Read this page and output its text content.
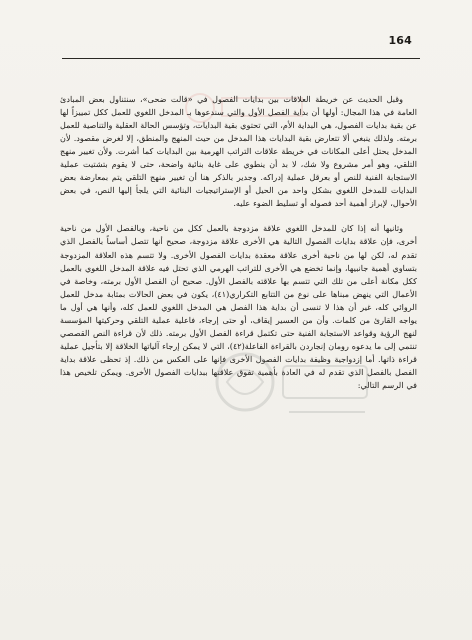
164

وقبل الحديث عن خريطة العلاقات بين بدايات الفصول في «قالت ضحى»، سنتناول بعض المبادئ العامة في هذا المجال: أولها أن بداية الفصل الأول والتي سندعوها بـ المدخل اللغوي للعمل ككل تمييزاً لها عن بقية بدايات الفصول، هي البداية الأم، التي تحتوي بقية البدايات، وتؤسس الحالة العقلية والتناصية للعمل برمته. ولذلك ينبغي ألا تتعارض بقية البدايات هذا المدخل من حيث المنهج والمنطق، إلا لغرض مقصود. لأن المدخل يحتل أعلى المكانات في خريطة علاقات التراتب الهرمية بين البدايات كما أشرت. ولأن تغيير منهج التلقي، وهو أمر مشروع ولا شك، لا بد أن ينطوي على غاية بنائية واضحة، حتى لا يقوم بتشتيت عملية الاستجابة الفنية للنص أو بعرقل عملية إدراكه. وجدير بالذكر هنا أن تغيير منهج التلقي يتم بمعارضة بعض البدايات للمدخل اللغوي بشكل واحد من الحيل أو الإستراتيجيات البنائية التي يلجأ إليها النص، في بعض الأحوال، لإبراز أهمية أحد فصوله أو تسليط الضوء عليه.

وثانيها أنه إذا كان للمدخل اللغوي علاقة مزدوجة بالعمل ككل من ناحية، وبالفصل الأول من ناحية أخرى، فإن علاقة بدايات الفصول التالية هي الأخرى علاقة مزدوجة، صحيح أنها تتصل أساساً بالفصل الذي تقدم له، لكن لها من ناحية أخرى علاقة معقدة بدايات الفصول الأخرى. ولا تتسم هذه العلاقة المزدوجة بتساوي أهمية جانبيها، وإنما تخضع هي الأخرى للتراتب الهرمي الذي تحتل فيه علاقة المدخل اللغوي بالعمل ككل مكانة أعلى من تلك التي تتسم بها علاقته بالفصل الأول. صحيح أن الفصل الأول برمته، وخاصة في الأعمال التي ينهض مبناها على نوع من التتابع التكراري(٤١)، يكون في بعض الحالات بمثابة مدخل للعمل الروائي كله، غير أن هذا لا تنسى أن بداية هذا الفصل هي المدخل اللغوي للعمل كله، وأنها هي أول ما يواجه القارئ من كلمات. وأن من العسير إيقاف، أو حتى إرجاء، فاعلية عملية التلقي وحركيتها المؤسسة لنهج الرؤية وقواعد الاستجابة الفنية حتى تكتمل قراءة الفصل الأول برمته. ذلك لأن قراءة النص القصصي تنتمي إلى ما يدعوه رومان إنجاردن بالقراءة الفاعلة(٤٢)، التي لا يمكن إرجاء آلياتها الخلاقة إلا بتأجيل عملية قراءة ذاتها. أما إزدواجية وظيفة بدايات الفصول الأخرى فإنها على العكس من ذلك. إذ تحظى علاقة بداية الفصل بالفصل الذي تقدم له في العادة بأهمية تفوق علاقتها ببدايات الفصول الأخرى. ويمكن تلخيص هذا في الرسم التالي:
